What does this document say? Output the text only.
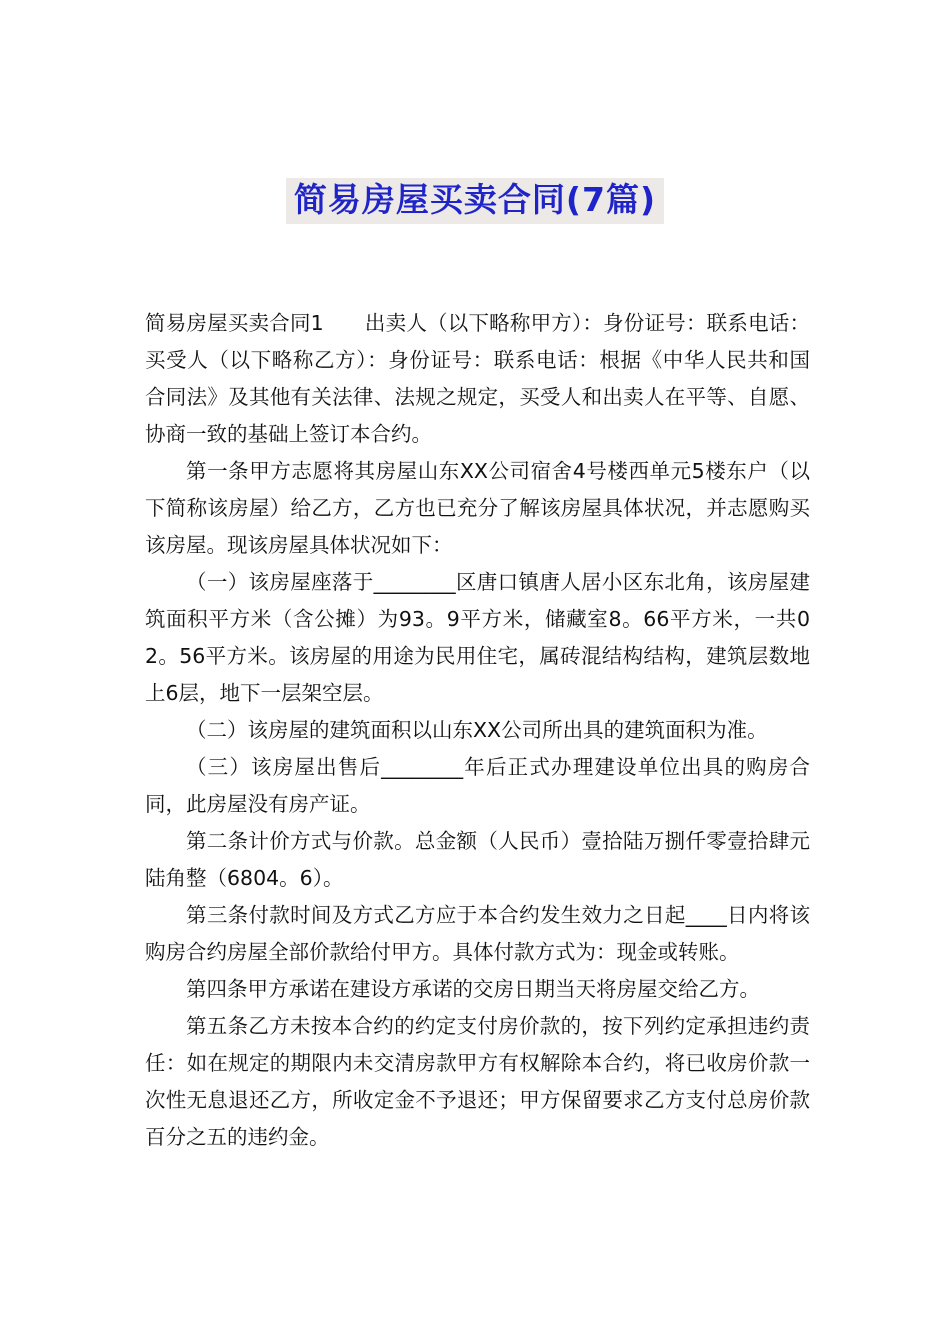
简易房屋买卖合同(7篇)

简易房屋买卖合同1 出卖人（以下略称甲方）：身份证号：联系电话：买受人（以下略称乙方）：身份证号：联系电话：根据《中华人民共和国合同法》及其他有关法律、法规之规定，买受人和出卖人在平等、自愿、协商一致的基础上签订本合约。

第一条甲方志愿将其房屋山东XX公司宿舍4号楼西单元5楼东户（以下简称该房屋）给乙方，乙方也已充分了解该房屋具体状况，并志愿购买该房屋。现该房屋具体状况如下：

（一）该房屋座落于________区唐口镇唐人居小区东北角，该房屋建筑面积平方米（含公摊）为93。9平方米，储藏室8。66平方米，一共02。56平方米。该房屋的用途为民用住宅，属砖混结构结构，建筑层数地上6层，地下一层架空层。

（二）该房屋的建筑面积以山东XX公司所出具的建筑面积为准。

（三）该房屋出售后________年后正式办理建设单位出具的购房合同，此房屋没有房产证。

第二条计价方式与价款。总金额（人民币）壹拾陆万捌仟零壹拾肆元陆角整（6804。6）。

第三条付款时间及方式乙方应于本合约发生效力之日起____日内将该购房合约房屋全部价款给付甲方。具体付款方式为：现金或转账。

第四条甲方承诺在建设方承诺的交房日期当天将房屋交给乙方。

第五条乙方未按本合约的约定支付房价款的，按下列约定承担违约责任：如在规定的期限内未交清房款甲方有权解除本合约，将已收房价款一次性无息退还乙方，所收定金不予退还；甲方保留要求乙方支付总房价款百分之五的违约金。
